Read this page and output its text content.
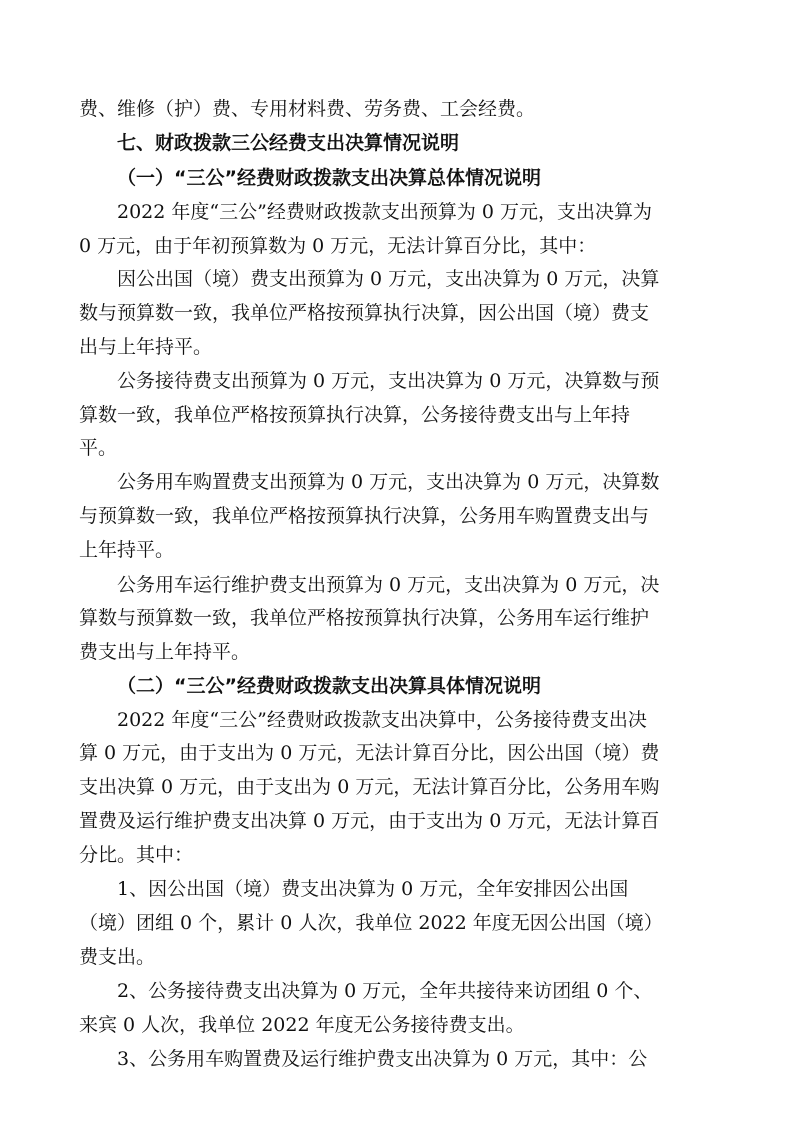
费、维修（护）费、专用材料费、劳务费、工会经费。
七、财政拨款三公经费支出决算情况说明
（一）“三公”经费财政拨款支出决算总体情况说明
2022 年度“三公”经费财政拨款支出预算为 0 万元，支出决算为
0 万元，由于年初预算数为 0 万元，无法计算百分比，其中：
因公出国（境）费支出预算为 0 万元，支出决算为 0 万元，决算
数与预算数一致，我单位严格按预算执行决算，因公出国（境）费支
出与上年持平。
公务接待费支出预算为 0 万元，支出决算为 0 万元，决算数与预
算数一致，我单位严格按预算执行决算，公务接待费支出与上年持
平。
公务用车购置费支出预算为 0 万元，支出决算为 0 万元，决算数
与预算数一致，我单位严格按预算执行决算，公务用车购置费支出与
上年持平。
公务用车运行维护费支出预算为 0 万元，支出决算为 0 万元，决
算数与预算数一致，我单位严格按预算执行决算，公务用车运行维护
费支出与上年持平。
（二）“三公”经费财政拨款支出决算具体情况说明
2022 年度“三公”经费财政拨款支出决算中，公务接待费支出决
算 0 万元，由于支出为 0 万元，无法计算百分比，因公出国（境）费
支出决算 0 万元，由于支出为 0 万元，无法计算百分比，公务用车购
置费及运行维护费支出决算 0 万元，由于支出为 0 万元，无法计算百
分比。其中：
1、因公出国（境）费支出决算为 0 万元，全年安排因公出国
（境）团组 0 个，累计 0 人次，我单位 2022 年度无因公出国（境）
费支出。
2、公务接待费支出决算为 0 万元，全年共接待来访团组 0 个、
来宾 0 人次，我单位 2022 年度无公务接待费支出。
3、公务用车购置费及运行维护费支出决算为 0 万元，其中：公
